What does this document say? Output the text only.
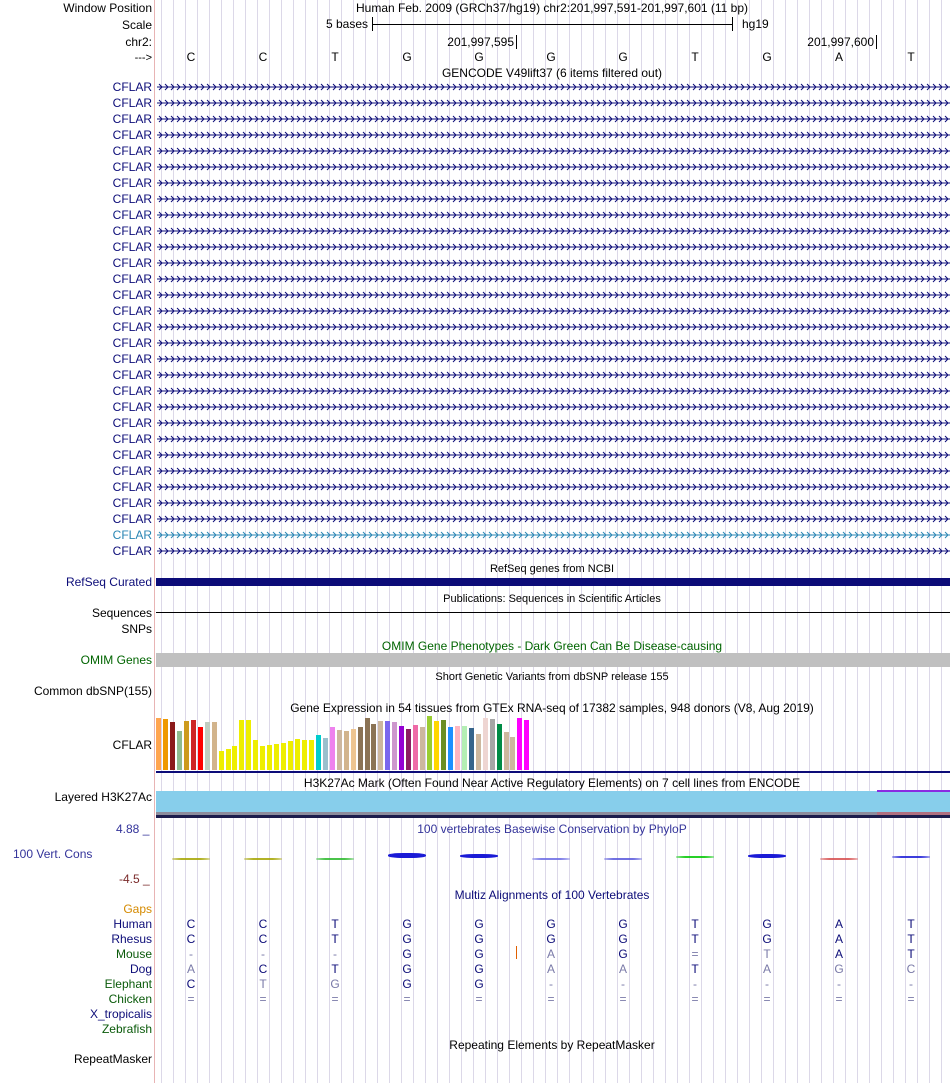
Window Position
Scale
chr2:
--->
Human Feb. 2009 (GRCh37/hg19) chr2:201,997,591-201,997,601 (11 bp)
5 bases	hg19
201,997,595	201,997,600
C	C	T	G	G	G	G	T	G	A	T
GENCODE V49lift37 (6 items filtered out)
CFLAR
CFLAR
CFLAR
CFLAR
CFLAR
CFLAR
CFLAR
CFLAR
CFLAR
CFLAR
CFLAR
CFLAR
CFLAR
CFLAR
CFLAR
CFLAR
CFLAR
CFLAR
CFLAR
CFLAR
CFLAR
CFLAR
CFLAR
CFLAR
CFLAR
CFLAR
CFLAR
CFLAR
CFLAR
CFLAR
RefSeq genes from NCBI
RefSeq Curated
Publications: Sequences in Scientific Articles
Sequences
SNPs
OMIM Gene Phenotypes - Dark Green Can Be Disease-causing
OMIM Genes
Short Genetic Variants from dbSNP release 155
Common dbSNP(155)
Gene Expression in 54 tissues from GTEx RNA-seq of 17382 samples, 948 donors (V8, Aug 2019)
CFLAR
H3K27Ac Mark (Often Found Near Active Regulatory Elements) on 7 cell lines from ENCODE
Layered H3K27Ac
100 vertebrates Basewise Conservation by PhyloP
4.88 _
100 Vert. Cons
-4.5 _
Multiz Alignments of 100 Vertebrates
Gaps
Human	C	C	T	G	G	G	G	T	G	A	T
Rhesus	C	C	T	G	G	G	G	T	G	A	T
Mouse	-	-	-	G	G	A	G	=	T	A	T
Dog	A	C	T	G	G	A	A	T	A	G	C
Elephant	C	T	G	G	G	-	-	-	-	-	-
Chicken	=	=	=	=	=	=	=	=	=	=	=
X_tropicalis
Zebrafish
Repeating Elements by RepeatMasker
RepeatMasker
